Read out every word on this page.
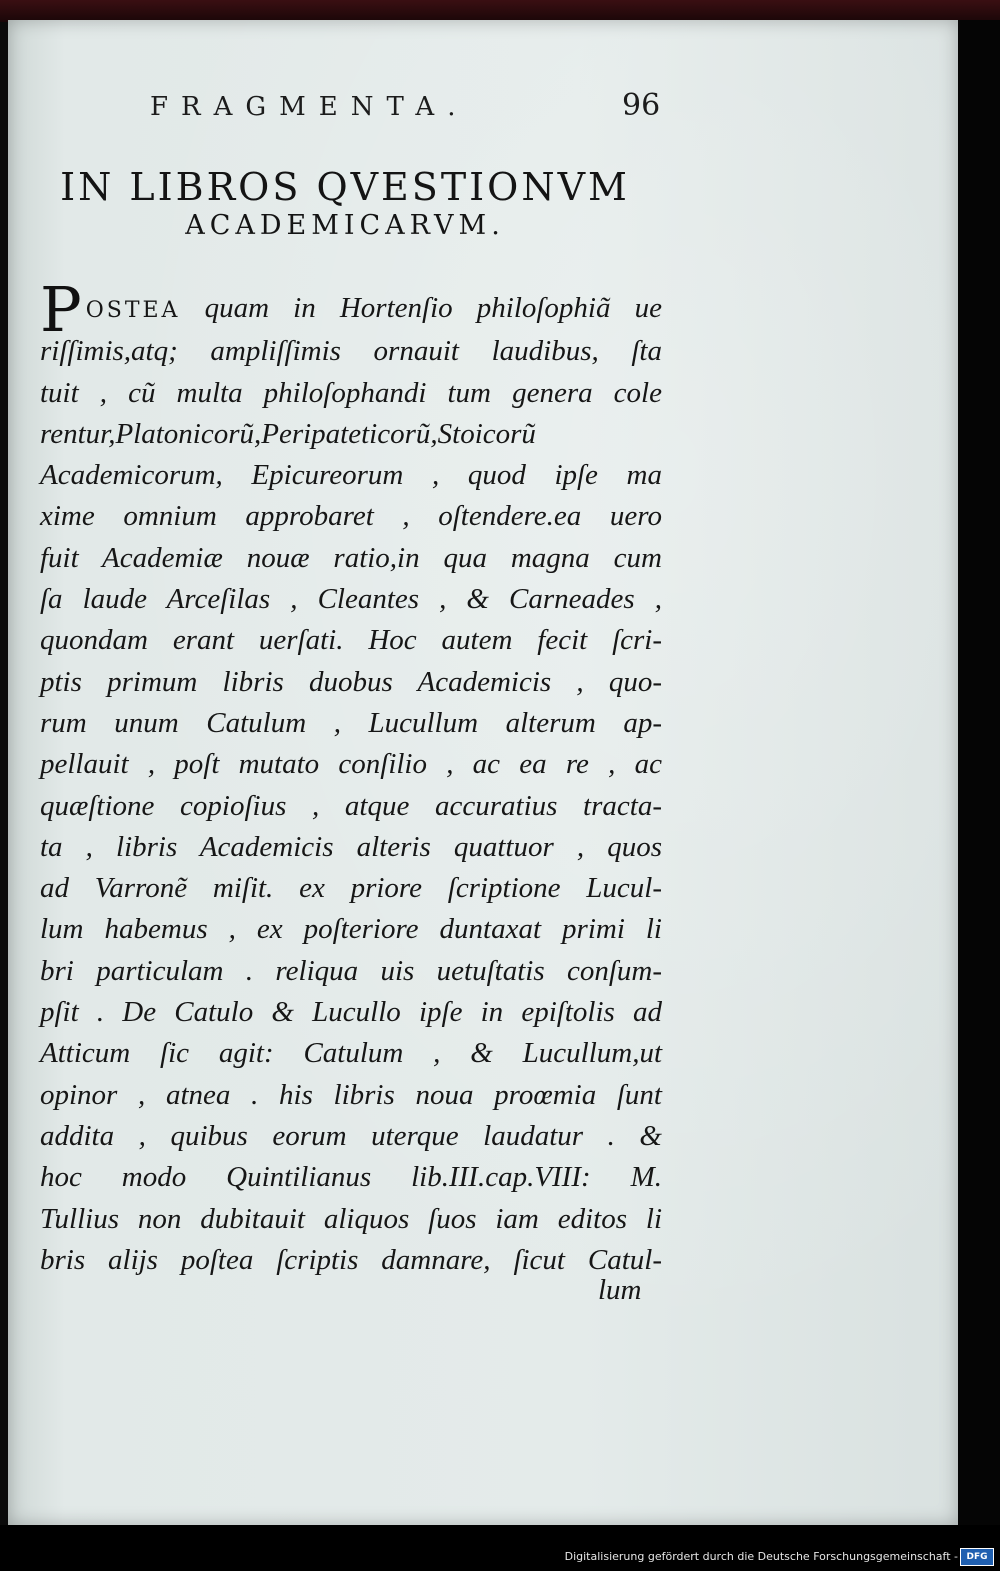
FRAGMENTA.	96
IN LIBROS QVESTIONVM
ACADEMICARVM.
P OSTEA quam in Hortenſio philoſophiã ue
riſſimis,atq; ampliſſimis ornauit laudibus, ſta
tuit , cũ multa philoſophandi tum genera cole
rentur,Platonicorũ,Peripateticorũ,Stoicorũ
Academicorum, Epicureorum , quod ipſe ma
xime omnium approbaret , oſtendere.ea uero
fuit Academiæ nouæ ratio,in qua magna cum
ſa laude Arceſilas , Cleantes , & Carneades ,
quondam erant uerſati. Hoc autem fecit ſcri-
ptis primum libris duobus Academicis , quo-
rum unum Catulum , Lucullum alterum ap-
pellauit , poſt mutato conſilio , ac ea re , ac
quæſtione copioſius , atque accuratius tracta-
ta , libris Academicis alteris quattuor , quos
ad Varronẽ miſit. ex priore ſcriptione Lucul-
lum habemus , ex poſteriore duntaxat primi li
bri particulam . reliqua uis uetuſtatis conſum-
pſit . De Catulo & Lucullo ipſe in epiſtolis ad
Atticum ſic agit: Catulum , & Lucullum,ut
opinor , atnea . his libris noua proœmia ſunt
addita , quibus eorum uterque laudatur . &
hoc modo Quintilianus lib.III.cap.VIII: M.
Tullius non dubitauit aliquos ſuos iam editos li
bris alijs poſtea ſcriptis damnare, ſicut Catul-
lum
Digitalisierung gefördert durch die Deutsche Forschungsgemeinschaft - DFG
